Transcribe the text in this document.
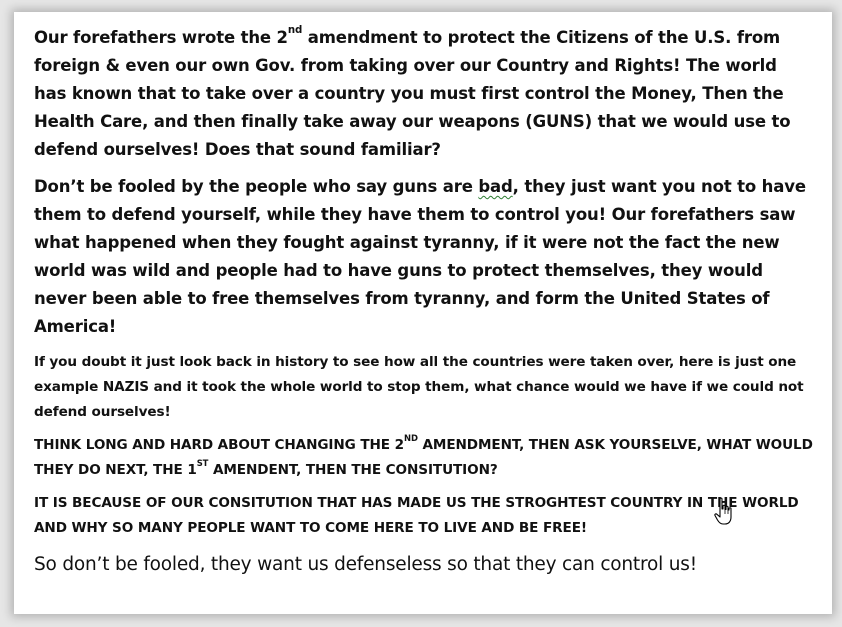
Our forefathers wrote the 2nd amendment to protect the Citizens of the U.S. from foreign & even our own Gov. from taking over our Country and Rights! The world has known that to take over a country you must first control the Money, Then the Health Care, and then finally take away our weapons (GUNS) that we would use to defend ourselves! Does that sound familiar?

Don’t be fooled by the people who say guns are bad, they just want you not to have them to defend yourself, while they have them to control you! Our forefathers saw what happened when they fought against tyranny, if it were not the fact the new world was wild and people had to have guns to protect themselves, they would never been able to free themselves from tyranny, and form the United States of America!

If you doubt it just look back in history to see how all the countries were taken over, here is just one example NAZIS and it took the whole world to stop them, what chance would we have if we could not defend ourselves!

THINK LONG AND HARD ABOUT CHANGING THE 2ND AMENDMENT, THEN ASK YOURSELVE, WHAT WOULD THEY DO NEXT, THE 1ST AMENDENT, THEN THE CONSITUTION?

IT IS BECAUSE OF OUR CONSITUTION THAT HAS MADE US THE STROGHTEST COUNTRY IN THE WORLD AND WHY SO MANY PEOPLE WANT TO COME HERE TO LIVE AND BE FREE!

So don’t be fooled, they want us defenseless so that they can control us!
